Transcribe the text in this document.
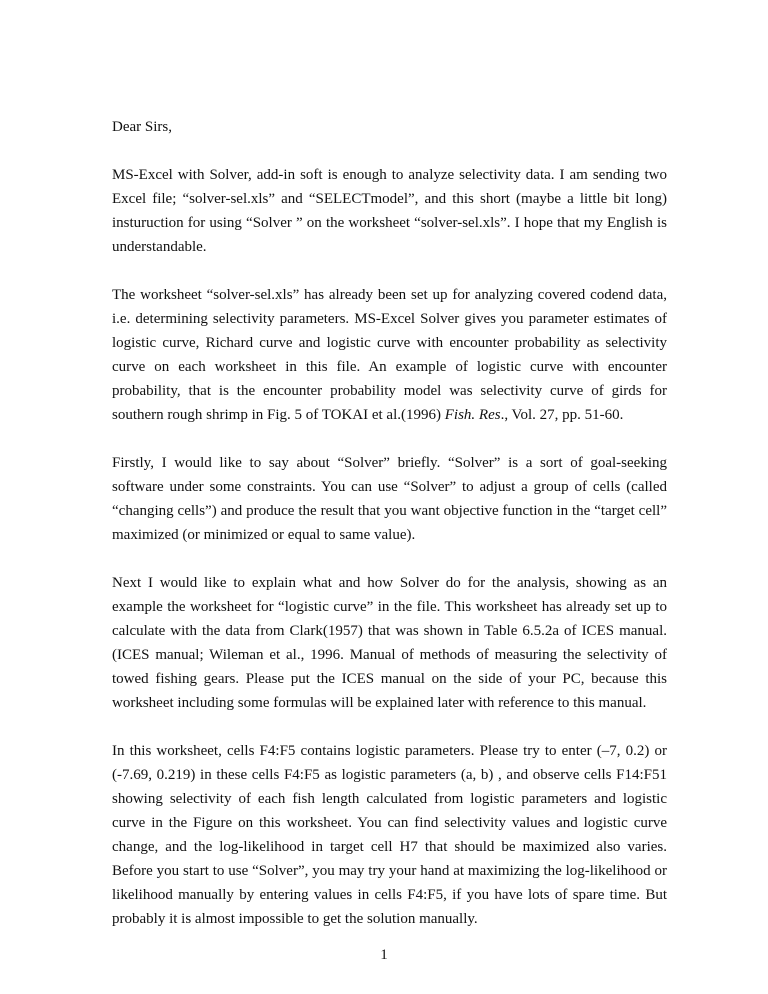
Dear Sirs,

MS-Excel with Solver, add-in soft is enough to analyze selectivity data. I am sending two Excel file; “solver-sel.xls” and “SELECTmodel”, and this short (maybe a little bit long) insturuction for using “Solver ” on the worksheet “solver-sel.xls”. I hope that my English is understandable.

The worksheet “solver-sel.xls” has already been set up for analyzing covered codend data, i.e. determining selectivity parameters. MS-Excel Solver gives you parameter estimates of logistic curve, Richard curve and logistic curve with encounter probability as selectivity curve on each worksheet in this file. An example of logistic curve with encounter probability, that is the encounter probability model was selectivity curve of girds for southern rough shrimp in Fig. 5 of TOKAI et al.(1996) Fish. Res., Vol. 27, pp. 51-60.

Firstly, I would like to say about “Solver” briefly. “Solver” is a sort of goal-seeking software under some constraints. You can use “Solver” to adjust a group of cells (called “changing cells”) and produce the result that you want objective function in the “target cell” maximized (or minimized or equal to same value).

Next I would like to explain what and how Solver do for the analysis, showing as an example the worksheet for “logistic curve” in the file. This worksheet has already set up to calculate with the data from Clark(1957) that was shown in Table 6.5.2a of ICES manual. (ICES manual; Wileman et al., 1996. Manual of methods of measuring the selectivity of towed fishing gears. Please put the ICES manual on the side of your PC, because this worksheet including some formulas will be explained later with reference to this manual.

In this worksheet, cells F4:F5 contains logistic parameters. Please try to enter (–7, 0.2) or (-7.69, 0.219) in these cells F4:F5 as logistic parameters (a, b) , and observe cells F14:F51 showing selectivity of each fish length calculated from logistic parameters and logistic curve in the Figure on this worksheet. You can find selectivity values and logistic curve change, and the log-likelihood in target cell H7 that should be maximized also varies. Before you start to use “Solver”, you may try your hand at maximizing the log-likelihood or likelihood manually by entering values in cells F4:F5, if you have lots of spare time. But probably it is almost impossible to get the solution manually.

1
